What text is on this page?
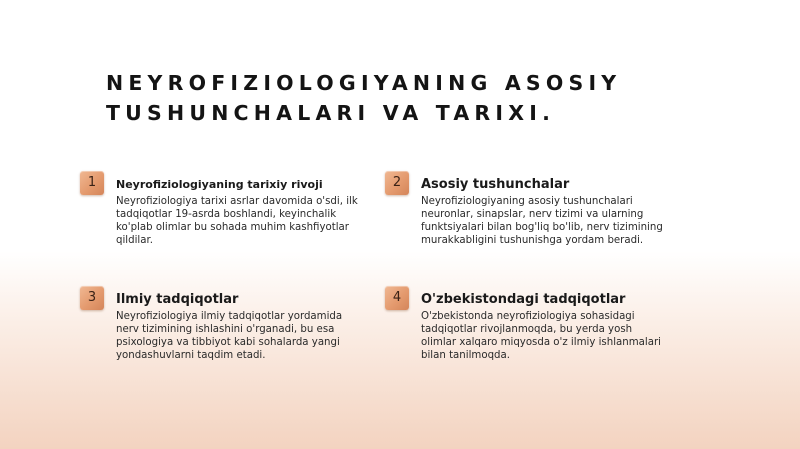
NEYROFIZIOLOGIYANING ASOSIY
TUSHUNCHALARI VA TARIXI.
1	Neyrofiziologiyaning tarixiy rivoji
Neyrofiziologiya tarixi asrlar davomida o'sdi, ilk
tadqiqotlar 19-asrda boshlandi, keyinchalik
ko'plab olimlar bu sohada muhim kashfiyotlar
qildilar.
2	Asosiy tushunchalar
Neyrofiziologiyaning asosiy tushunchalari
neuronlar, sinapslar, nerv tizimi va ularning
funktsiyalari bilan bog'liq bo'lib, nerv tizimining
murakkabligini tushunishga yordam beradi.
3	Ilmiy tadqiqotlar
Neyrofiziologiya ilmiy tadqiqotlar yordamida
nerv tizimining ishlashini o'rganadi, bu esa
psixologiya va tibbiyot kabi sohalarda yangi
yondashuvlarni taqdim etadi.
4	O'zbekistondagi tadqiqotlar
O'zbekistonda neyrofiziologiya sohasidagi
tadqiqotlar rivojlanmoqda, bu yerda yosh
olimlar xalqaro miqyosda o'z ilmiy ishlanmalari
bilan tanilmoqda.
